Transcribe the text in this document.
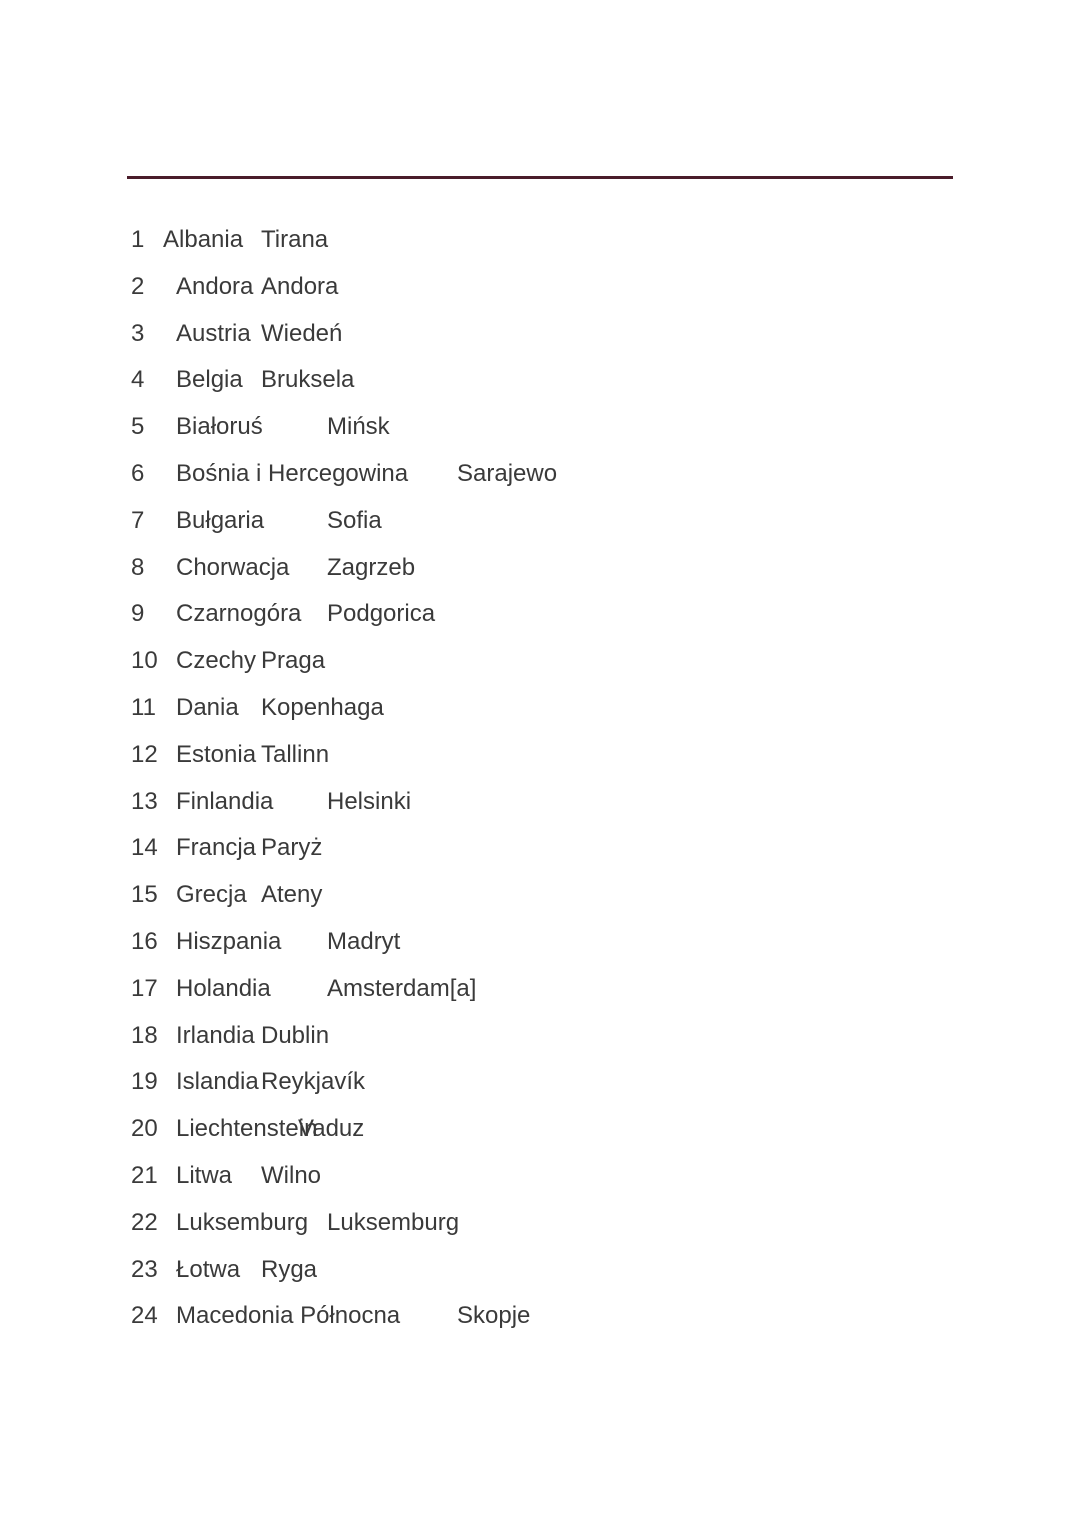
1 Albania Tirana
2 Andora Andora
3 Austria Wiedeń
4 Belgia Bruksela
5 Białoruś	Mińsk
6 Bośnia i Hercegowina Sarajewo
7 Bułgaria	Sofia
8 Chorwacja Zagrzeb
9 Czarnogóra Podgorica
10 Czechy Praga
11 Dania Kopenhaga
12 Estonia Tallinn
13 Finlandia Helsinki
14 Francja Paryż
15 Grecja Ateny
16 Hiszpania Madryt
17 Holandia Amsterdam[a]
18 Irlandia Dublin
19 Islandia Reykjavík
20 Liechtenstein
Vaduz
21 Litwa Wilno
22 Luksemburg Luksemburg
23 Łotwa Ryga
24 Macedonia Północna Skopje
